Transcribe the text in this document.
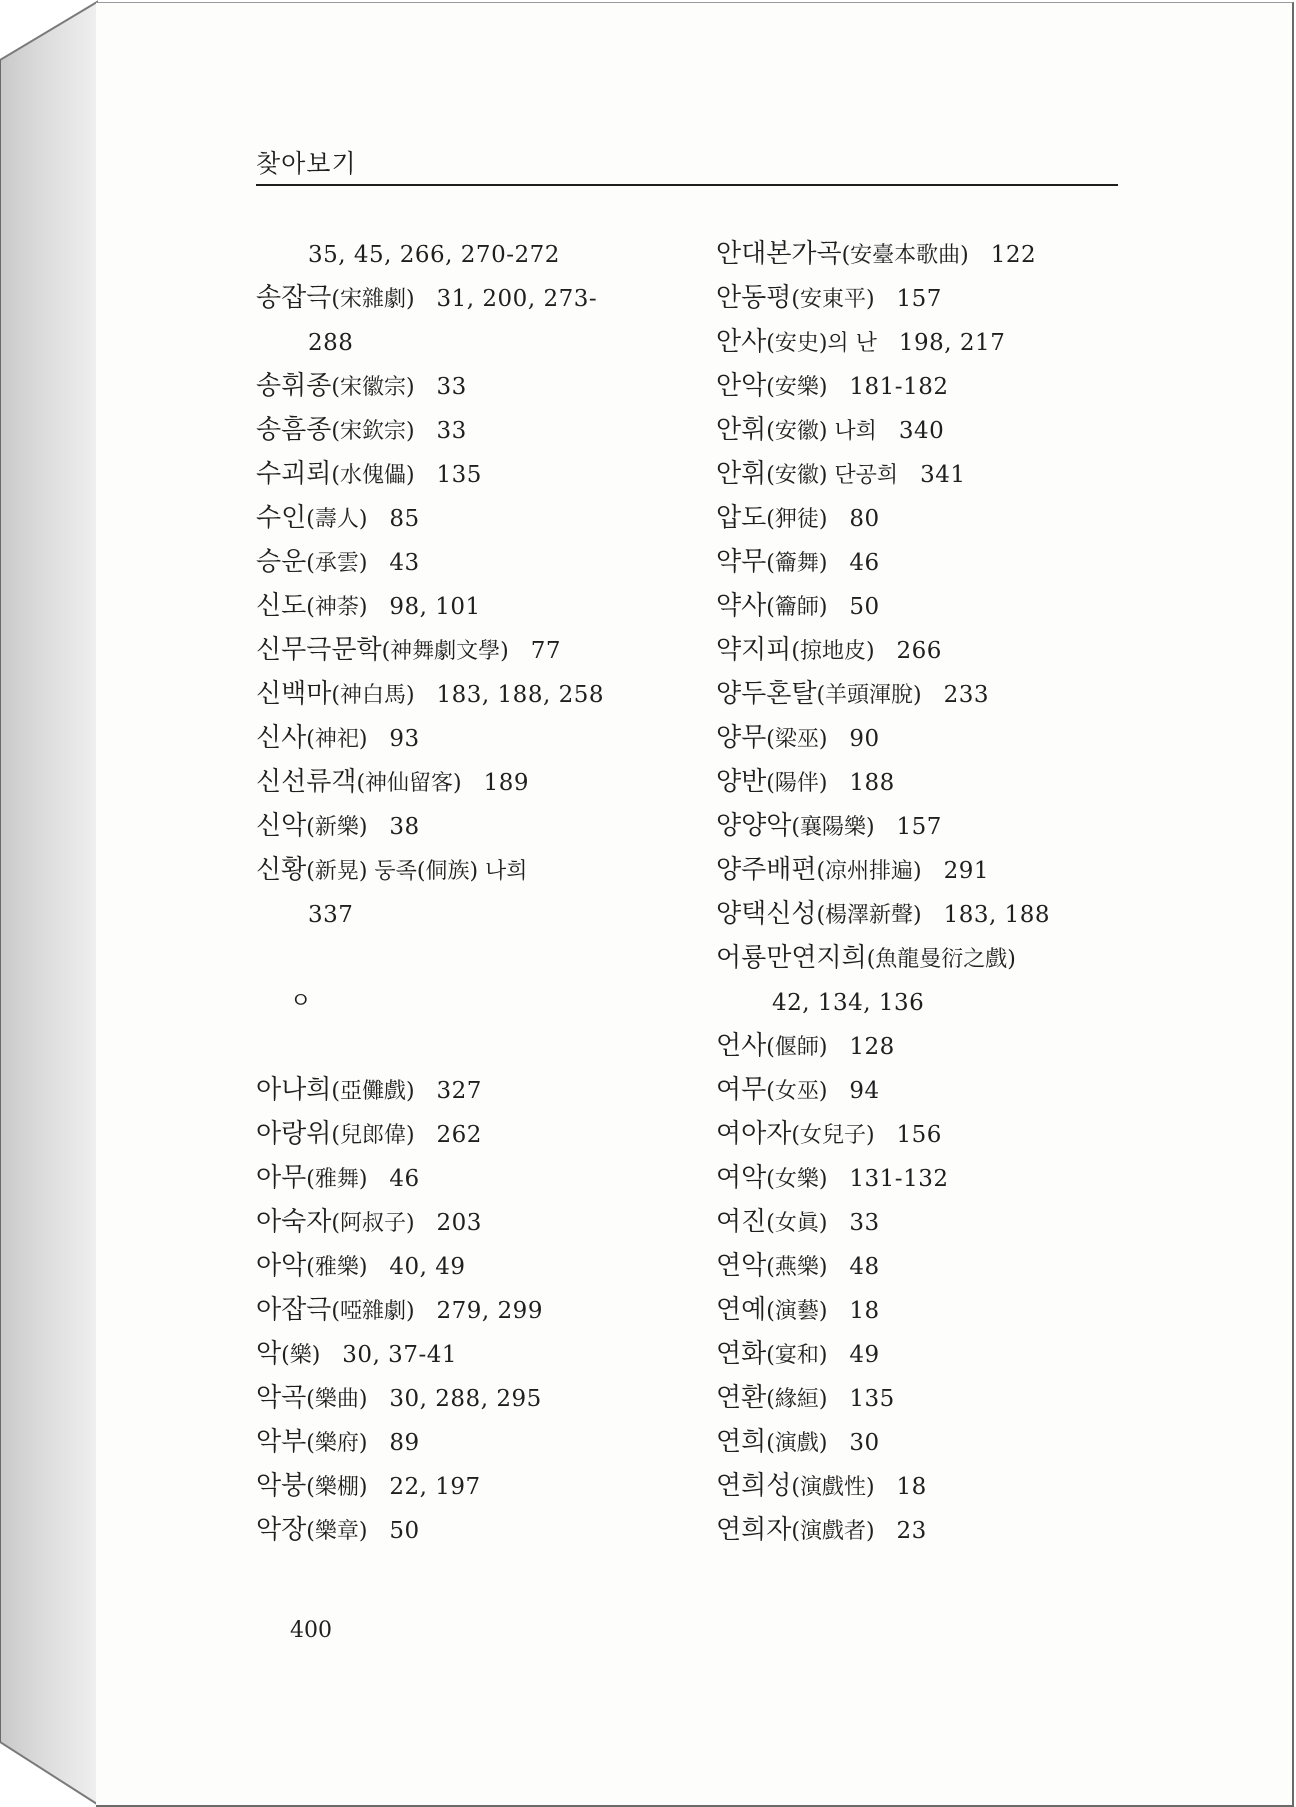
찾아보기
35, 45, 266, 270-272
송잡극(宋雜劇) 31, 200, 273-
288
송휘종(宋徽宗) 33
송흠종(宋欽宗) 33
수괴뢰(水傀儡) 135
수인(壽人) 85
승운(承雲) 43
신도(神荼) 98, 101
신무극문학(神舞劇文學) 77
신백마(神白馬) 183, 188, 258
신사(神祀) 93
신선류객(神仙留客) 189
신악(新樂) 38
신황(新晃) 둥족(侗族) 나희
337
ㅇ
아나희(亞儺戲) 327
아랑위(兒郎偉) 262
아무(雅舞) 46
아숙자(阿叔子) 203
아악(雅樂) 40, 49
아잡극(啞雜劇) 279, 299
악(樂) 30, 37-41
악곡(樂曲) 30, 288, 295
악부(樂府) 89
악붕(樂棚) 22, 197
악장(樂章) 50
안대본가곡(安臺本歌曲) 122
안동평(安東平) 157
안사(安史)의 난 198, 217
안악(安樂) 181-182
안휘(安徽) 나희 340
안휘(安徽) 단공희 341
압도(狎徒) 80
약무(籥舞) 46
약사(籥師) 50
약지피(掠地皮) 266
양두혼탈(羊頭渾脫) 233
양무(梁巫) 90
양반(陽伴) 188
양양악(襄陽樂) 157
양주배편(凉州排遍) 291
양택신성(楊澤新聲) 183, 188
어룡만연지희(魚龍曼衍之戲)
42, 134, 136
언사(偃師) 128
여무(女巫) 94
여아자(女兒子) 156
여악(女樂) 131-132
여진(女眞) 33
연악(燕樂) 48
연예(演藝) 18
연화(宴和) 49
연환(緣絙) 135
연희(演戲) 30
연희성(演戲性) 18
연희자(演戲者) 23
400
